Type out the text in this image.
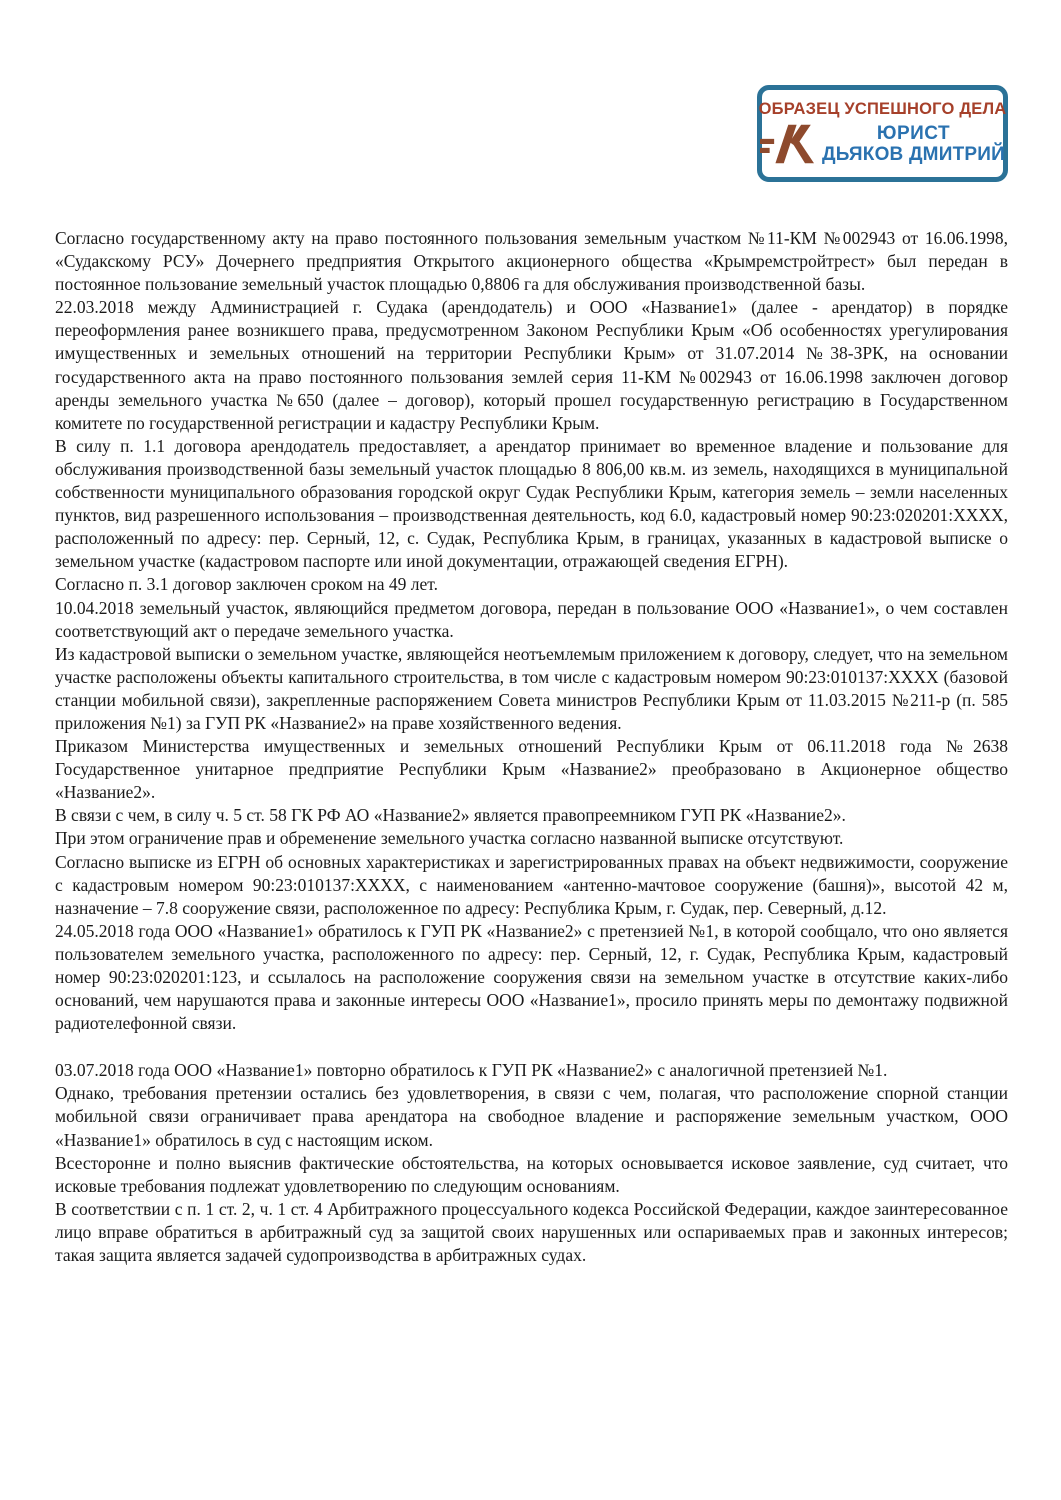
ОБРАЗЕЦ УСПЕШНОГО ДЕЛА
ЮРИСТ
ДЬЯКОВ ДМИТРИЙ

Согласно государственному акту на право постоянного пользования земельным участком №11-КМ №002943 от 16.06.1998, «Судакскому РСУ» Дочернего предприятия Открытого акционерного общества «Крымремстройтрест» был передан в постоянное пользование земельный участок площадью 0,8806 га для обслуживания производственной базы.

22.03.2018 между Администрацией г. Судака (арендодатель) и ООО «Название1» (далее - арендатор) в порядке переоформления ранее возникшего права, предусмотренном Законом Республики Крым «Об особенностях урегулирования имущественных и земельных отношений на территории Республики Крым» от 31.07.2014 №38-ЗРК, на основании государственного акта на право постоянного пользования землей серия 11-КМ №002943 от 16.06.1998 заключен договор аренды земельного участка №650 (далее – договор), который прошел государственную регистрацию в Государственном комитете по государственной регистрации и кадастру Республики Крым.

В силу п. 1.1 договора арендодатель предоставляет, а арендатор принимает во временное владение и пользование для обслуживания производственной базы земельный участок площадью 8 806,00 кв.м. из земель, находящихся в муниципальной собственности муниципального образования городской округ Судак Республики Крым, категория земель – земли населенных пунктов, вид разрешенного использования – производственная деятельность, код 6.0, кадастровый номер 90:23:020201:ХХХХ, расположенный по адресу: пер. Серный, 12, с. Судак, Республика Крым, в границах, указанных в кадастровой выписке о земельном участке (кадастровом паспорте или иной документации, отражающей сведения ЕГРН).

Согласно п. 3.1 договор заключен сроком на 49 лет.

10.04.2018 земельный участок, являющийся предметом договора, передан в пользование ООО «Название1», о чем составлен соответствующий акт о передаче земельного участка.

Из кадастровой выписки о земельном участке, являющейся неотъемлемым приложением к договору, следует, что на земельном участке расположены объекты капитального строительства, в том числе с кадастровым номером 90:23:010137:ХХХХ (базовой станции мобильной связи), закрепленные распоряжением Совета министров Республики Крым от 11.03.2015 №211-р (п. 585 приложения №1) за ГУП РК «Название2» на праве хозяйственного ведения.

Приказом Министерства имущественных и земельных отношений Республики Крым от 06.11.2018 года №2638 Государственное унитарное предприятие Республики Крым «Название2» преобразовано в Акционерное общество «Название2».

В связи с чем, в силу ч. 5 ст. 58 ГК РФ АО «Название2» является правопреемником ГУП РК «Название2».

При этом ограничение прав и обременение земельного участка согласно названной выписке отсутствуют.

Согласно выписке из ЕГРН об основных характеристиках и зарегистрированных правах на объект недвижимости, сооружение с кадастровым номером 90:23:010137:ХХХХ, с наименованием «антенно-мачтовое сооружение (башня)», высотой 42 м, назначение – 7.8 сооружение связи, расположенное по адресу: Республика Крым, г. Судак, пер. Северный, д.12.

24.05.2018 года ООО «Название1» обратилось к ГУП РК «Название2» с претензией №1, в которой сообщало, что оно является пользователем земельного участка, расположенного по адресу: пер. Серный, 12, г. Судак, Республика Крым, кадастровый номер 90:23:020201:123, и ссылалось на расположение сооружения связи на земельном участке в отсутствие каких-либо оснований, чем нарушаются права и законные интересы ООО «Название1», просило принять меры по демонтажу подвижной радиотелефонной связи.

03.07.2018 года ООО «Название1» повторно обратилось к ГУП РК «Название2» с аналогичной претензией №1.

Однако, требования претензии остались без удовлетворения, в связи с чем, полагая, что расположение спорной станции мобильной связи ограничивает права арендатора на свободное владение и распоряжение земельным участком, ООО «Название1» обратилось в суд с настоящим иском.

Всесторонне и полно выяснив фактические обстоятельства, на которых основывается исковое заявление, суд считает, что исковые требования подлежат удовлетворению по следующим основаниям.

В соответствии с п. 1 ст. 2, ч. 1 ст. 4 Арбитражного процессуального кодекса Российской Федерации, каждое заинтересованное лицо вправе обратиться в арбитражный суд за защитой своих нарушенных или оспариваемых прав и законных интересов; такая защита является задачей судопроизводства в арбитражных судах.
